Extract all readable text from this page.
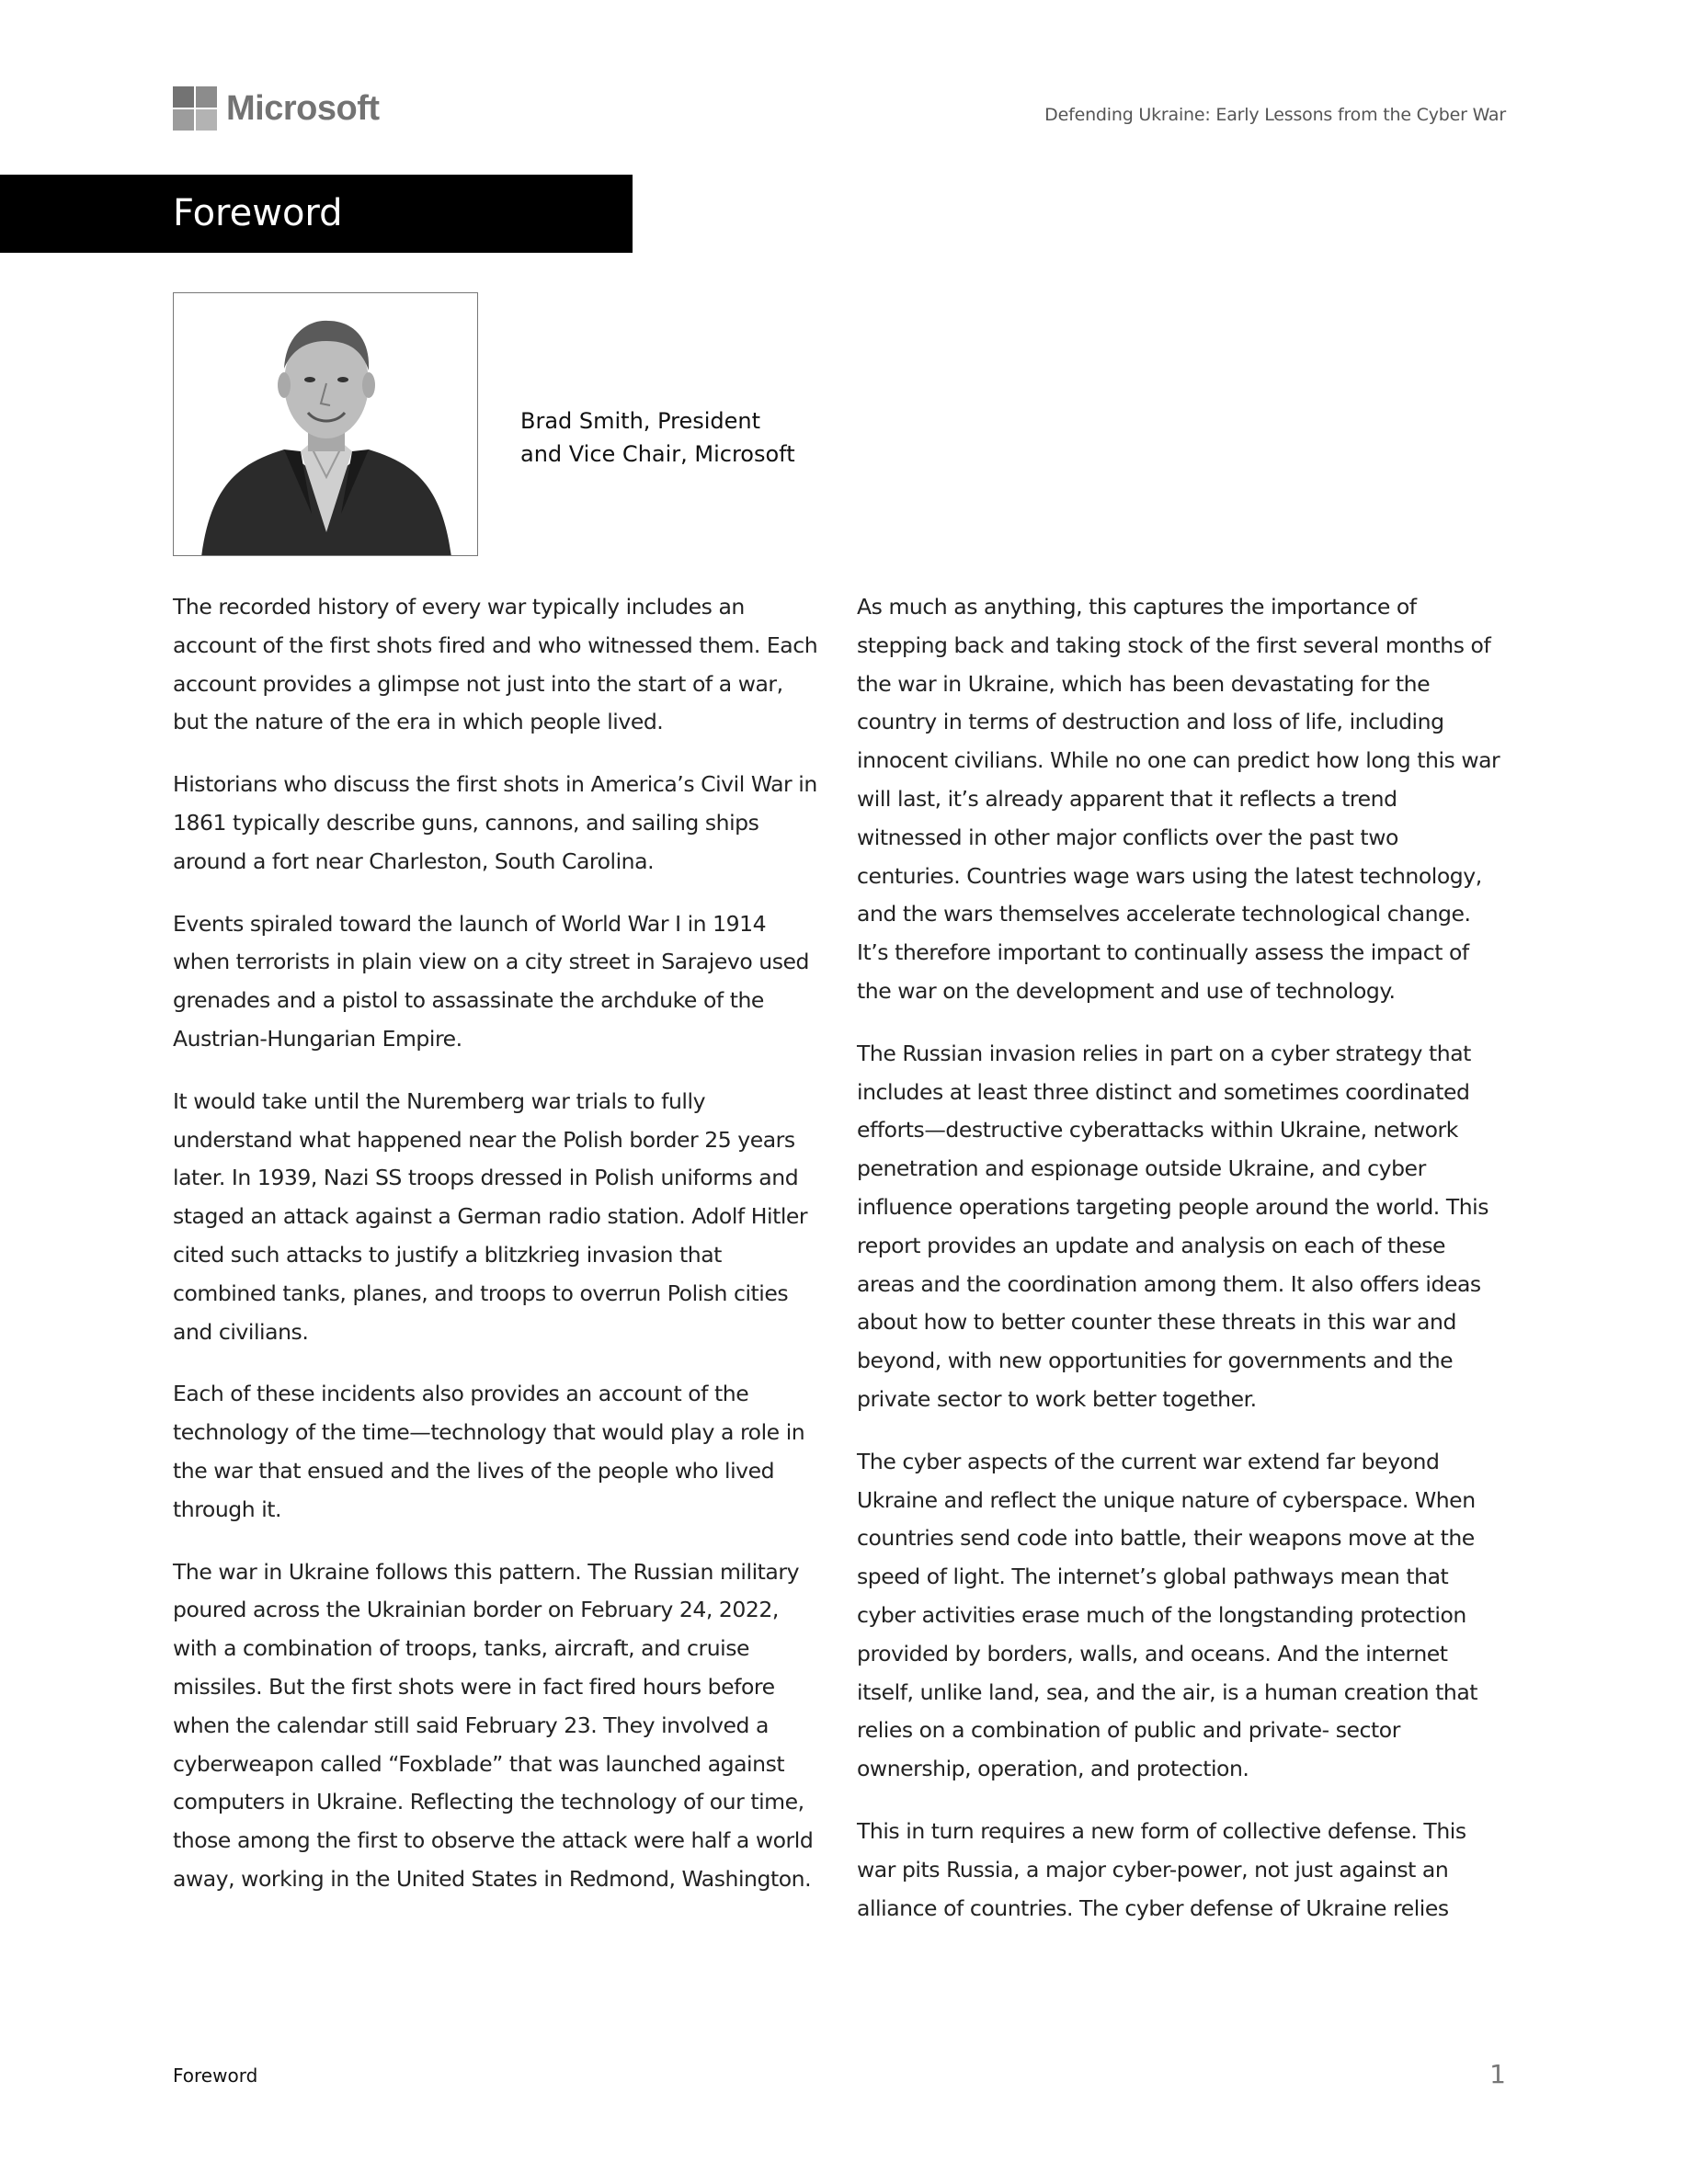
Microsoft	Defending Ukraine: Early Lessons from the Cyber War
Foreword
Brad Smith, President
and Vice Chair, Microsoft

The recorded history of every war typically includes an account of the first shots fired and who witnessed them. Each account provides a glimpse not just into the start of a war, but the nature of the era in which people lived.

Historians who discuss the first shots in America’s Civil War in 1861 typically describe guns, cannons, and sailing ships around a fort near Charleston, South Carolina.

Events spiraled toward the launch of World War I in 1914 when terrorists in plain view on a city street in Sarajevo used grenades and a pistol to assassinate the archduke of the Austrian-Hungarian Empire.

It would take until the Nuremberg war trials to fully understand what happened near the Polish border 25 years later. In 1939, Nazi SS troops dressed in Polish uniforms and staged an attack against a German radio station. Adolf Hitler cited such attacks to justify a blitzkrieg invasion that combined tanks, planes, and troops to overrun Polish cities and civilians.

Each of these incidents also provides an account of the technology of the time—technology that would play a role in the war that ensued and the lives of the people who lived through it.

The war in Ukraine follows this pattern. The Russian military poured across the Ukrainian border on February 24, 2022, with a combination of troops, tanks, aircraft, and cruise missiles. But the first shots were in fact fired hours before when the calendar still said February 23. They involved a cyberweapon called “Foxblade” that was launched against computers in Ukraine. Reflecting the technology of our time, those among the first to observe the attack were half a world away, working in the United States in Redmond, Washington.

As much as anything, this captures the importance of stepping back and taking stock of the first several months of the war in Ukraine, which has been devastating for the country in terms of destruction and loss of life, including innocent civilians. While no one can predict how long this war will last, it’s already apparent that it reflects a trend witnessed in other major conflicts over the past two centuries. Countries wage wars using the latest technology, and the wars themselves accelerate technological change. It’s therefore important to continually assess the impact of the war on the development and use of technology.

The Russian invasion relies in part on a cyber strategy that includes at least three distinct and sometimes coordinated efforts—destructive cyberattacks within Ukraine, network penetration and espionage outside Ukraine, and cyber influence operations targeting people around the world. This report provides an update and analysis on each of these areas and the coordination among them. It also offers ideas about how to better counter these threats in this war and beyond, with new opportunities for governments and the private sector to work better together.

The cyber aspects of the current war extend far beyond Ukraine and reflect the unique nature of cyberspace. When countries send code into battle, their weapons move at the speed of light. The internet’s global pathways mean that cyber activities erase much of the longstanding protection provided by borders, walls, and oceans. And the internet itself, unlike land, sea, and the air, is a human creation that relies on a combination of public and private- sector ownership, operation, and protection.

This in turn requires a new form of collective defense. This war pits Russia, a major cyber-power, not just against an alliance of countries. The cyber defense of Ukraine relies

Foreword	1
